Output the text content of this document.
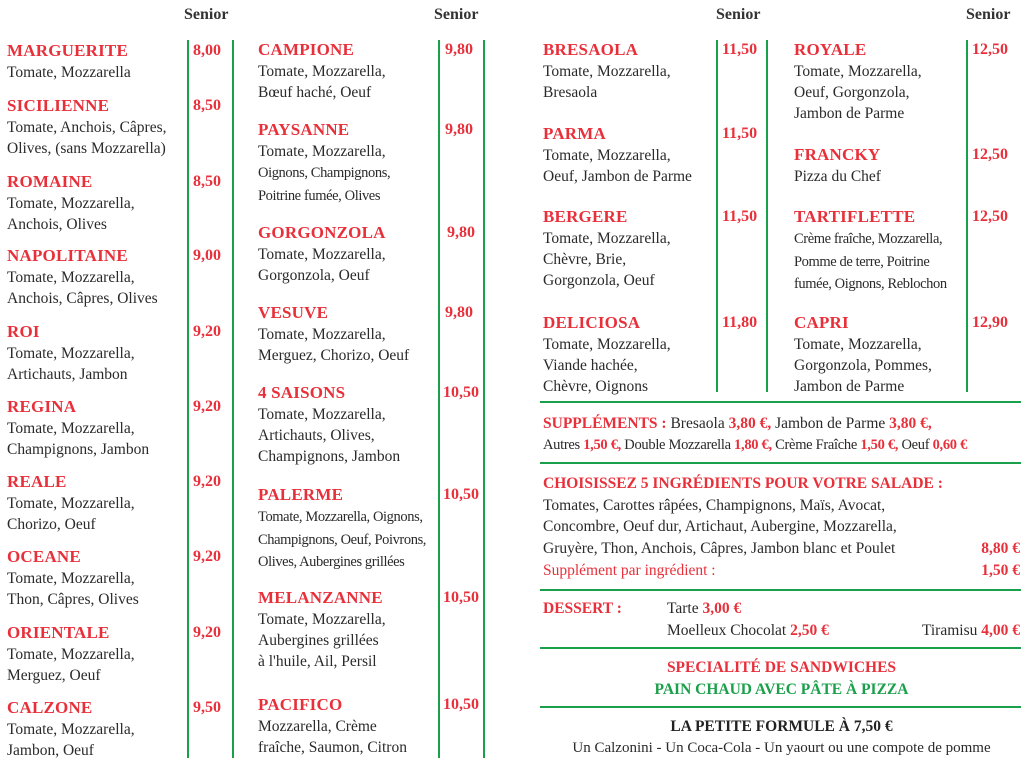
Senior	Senior	Senior	Senior
MARGUERITE
Tomate, Mozzarella
8,00
SICILIENNE
Tomate, Anchois, Câpres,
Olives, (sans Mozzarella)
8,50
ROMAINE
Tomate, Mozzarella,
Anchois, Olives
8,50
NAPOLITAINE
Tomate, Mozzarella,
Anchois, Câpres, Olives
9,00
ROI
Tomate, Mozzarella,
Artichauts, Jambon
9,20
REGINA
Tomate, Mozzarella,
Champignons, Jambon
9,20
REALE
Tomate, Mozzarella,
Chorizo, Oeuf
9,20
OCEANE
Tomate, Mozzarella,
Thon, Câpres, Olives
9,20
ORIENTALE
Tomate, Mozzarella,
Merguez, Oeuf
9,20
CALZONE
Tomate, Mozzarella,
Jambon, Oeuf
9,50
CAMPIONE
Tomate, Mozzarella,
Bœuf haché, Oeuf
9,80
PAYSANNE
Tomate, Mozzarella,
Oignons, Champignons,
Poitrine fumée, Olives
9,80
GORGONZOLA
Tomate, Mozzarella,
Gorgonzola, Oeuf
9,80
VESUVE
Tomate, Mozzarella,
Merguez, Chorizo, Oeuf
9,80
4 SAISONS
Tomate, Mozzarella,
Artichauts, Olives,
Champignons, Jambon
10,50
PALERME
Tomate, Mozzarella, Oignons,
Champignons, Oeuf, Poivrons,
Olives, Aubergines grillées
10,50
MELANZANNE
Tomate, Mozzarella,
Aubergines grillées
à l'huile, Ail, Persil
10,50
PACIFICO
Mozzarella, Crème
fraîche, Saumon, Citron
10,50
BRESAOLA
Tomate, Mozzarella,
Bresaola
11,50
PARMA
Tomate, Mozzarella,
Oeuf, Jambon de Parme
11,50
BERGERE
Tomate, Mozzarella,
Chèvre, Brie,
Gorgonzola, Oeuf
11,50
DELICIOSA
Tomate, Mozzarella,
Viande hachée,
Chèvre, Oignons
11,80
ROYALE
Tomate, Mozzarella,
Oeuf, Gorgonzola,
Jambon de Parme
12,50
FRANCKY
Pizza du Chef
12,50
TARTIFLETTE
Crème fraîche, Mozzarella,
Pomme de terre, Poitrine
fumée, Oignons, Reblochon
12,50
CAPRI
Tomate, Mozzarella,
Gorgonzola, Pommes,
Jambon de Parme
12,90
SUPPLÉMENTS : Bresaola 3,80 €, Jambon de Parme 3,80 €,
Autres 1,50 €, Double Mozzarella 1,80 €, Crème Fraîche 1,50 €, Oeuf 0,60 €
CHOISISSEZ 5 INGRÉDIENTS POUR VOTRE SALADE :
Tomates, Carottes râpées, Champignons, Maïs, Avocat,
Concombre, Oeuf dur, Artichaut, Aubergine, Mozzarella,
Gruyère, Thon, Anchois, Câpres, Jambon blanc et Poulet	8,80 €
Supplément par ingrédient :	1,50 €
DESSERT :	Tarte 3,00 €
Moelleux Chocolat 2,50 €	Tiramisu 4,00 €
SPECIALITÉ DE SANDWICHES
PAIN CHAUD AVEC PÂTE À PIZZA
LA PETITE FORMULE À 7,50 €
Un Calzonini - Un Coca-Cola - Un yaourt ou une compote de pomme
